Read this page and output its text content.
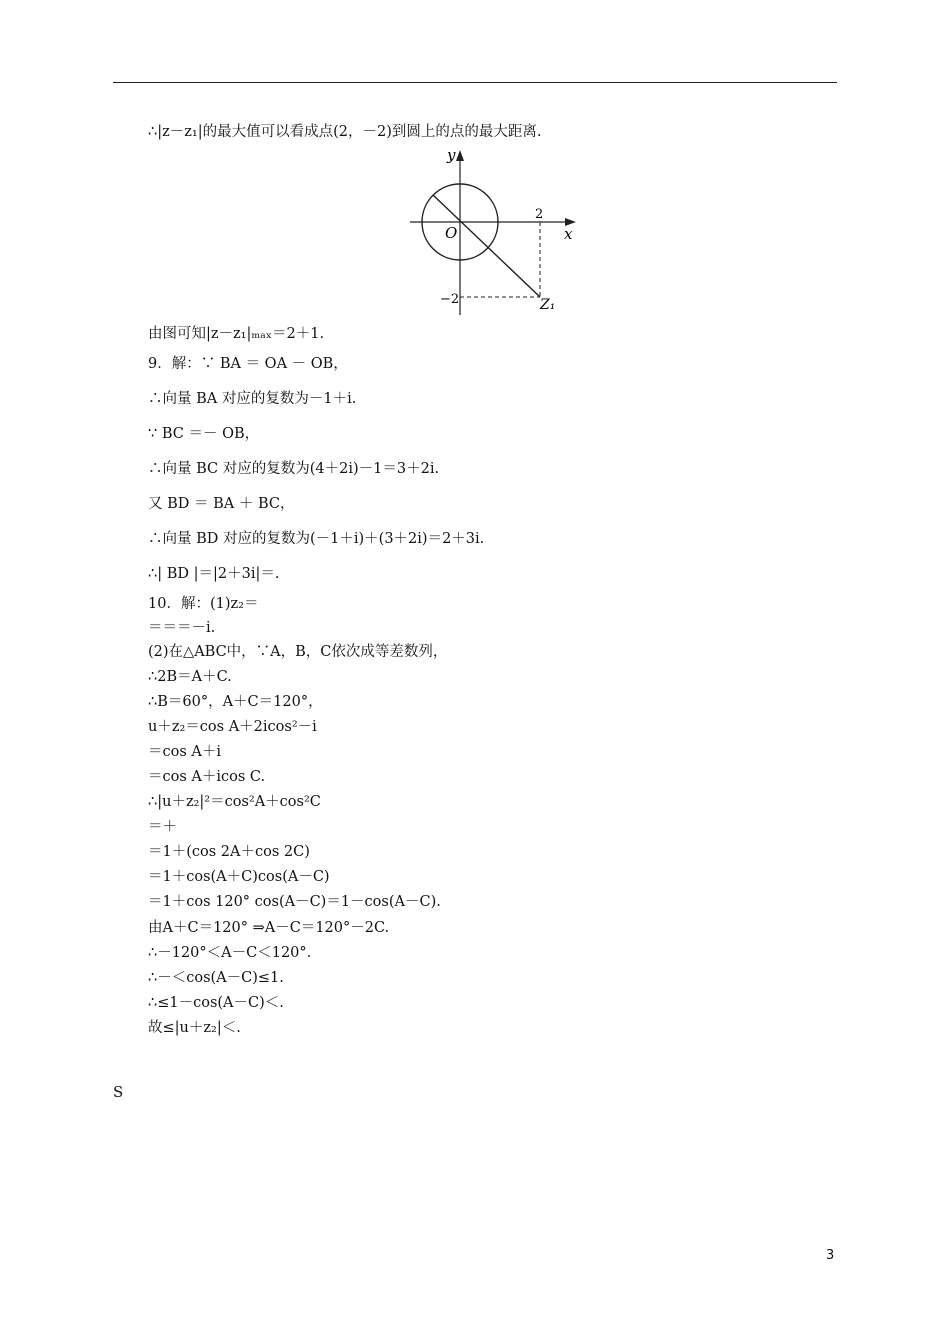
∴|z－z₁|的最大值可以看成点(2，－2)到圆上的点的最大距离.
y
x
O
2
−2	Z₁
由图可知|z－z₁|ₘₐₓ＝2＋1.
9．解：∵ BA ＝ OA － OB，
∴向量 BA 对应的复数为－1＋i.
∵ BC ＝－ OB，
∴向量 BC 对应的复数为(4＋2i)－1＝3＋2i.
又 BD ＝ BA ＋ BC，
∴向量 BD 对应的复数为(－1＋i)＋(3＋2i)＝2＋3i.
∴| BD |＝|2＋3i|＝.
10．解：(1)z₂＝
＝＝＝－i.
(2)在△ABC中，∵A，B，C依次成等差数列，
∴2B＝A＋C.
∴B＝60°，A＋C＝120°，
u＋z₂＝cos A＋2icos²－i
＝cos A＋i
＝cos A＋icos C.
∴|u＋z₂|²＝cos²A＋cos²C
＝＋
＝1＋(cos 2A＋cos 2C)
＝1＋cos(A＋C)cos(A－C)
＝1＋cos 120° cos(A－C)＝1－cos(A－C).
由A＋C＝120° ⇒A－C＝120°－2C.
∴－120°＜A－C＜120°.
∴－＜cos(A－C)≤1.
∴≤1－cos(A－C)＜.
故≤|u＋z₂|＜.
S
3
